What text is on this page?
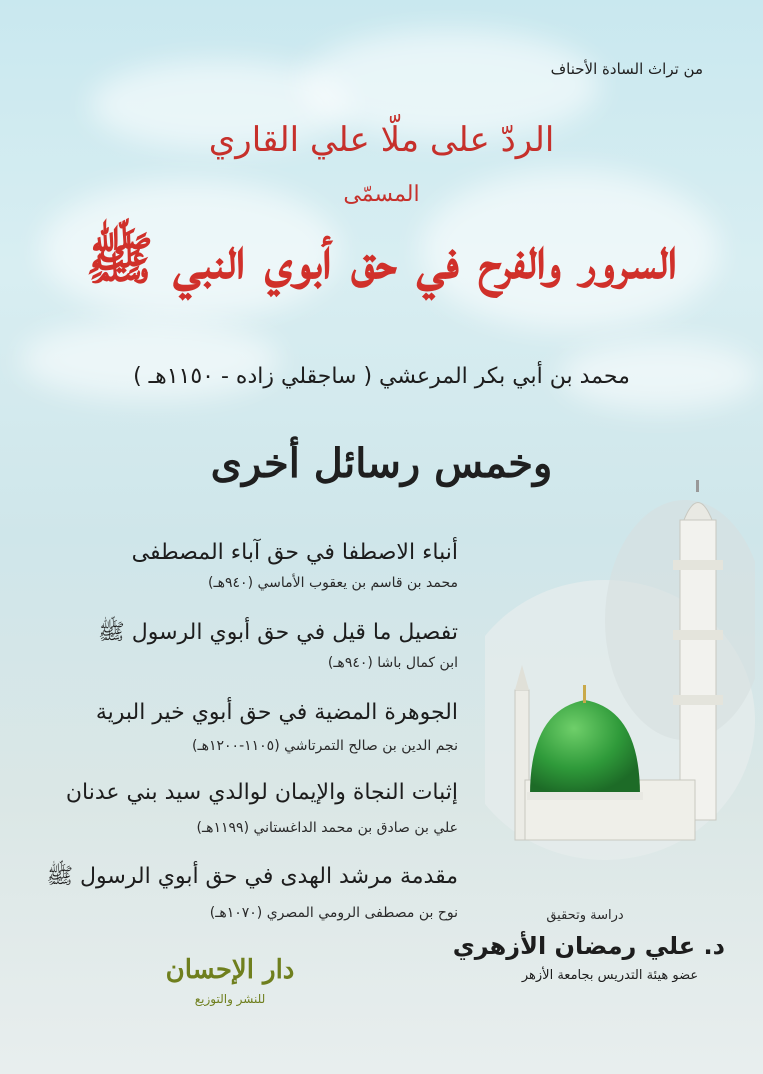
من تراث السادة الأحناف
الردّ على ملّا علي القاري
المسمّى
السرور والفرح في حق أبوي النبي ﷺ
محمد بن أبي بكر المرعشي ( ساجقلي زاده - ١١٥٠هـ )
وخمس رسائل أخرى
أنباء الاصطفا في حق آباء المصطفى
محمد بن قاسم بن يعقوب الأماسي (٩٤٠هـ)
تفصيل ما قيل في حق أبوي الرسول ﷺ
ابن كمال باشا (٩٤٠هـ)
الجوهرة المضية في حق أبوي خير البرية
نجم الدين بن صالح التمرتاشي (١١٠٥-١٢٠٠هـ)
إثبات النجاة والإيمان لوالدي سيد بني عدنان
علي بن صادق بن محمد الداغستاني (١١٩٩هـ)
مقدمة مرشد الهدى في حق أبوي الرسول ﷺ
نوح بن مصطفى الرومي المصري (١٠٧٠هـ)	دراسة وتحقيق
د. علي رمضان الأزهري
عضو هيئة التدريس بجامعة الأزهر
دار الإحسان
للنشر والتوزيع
